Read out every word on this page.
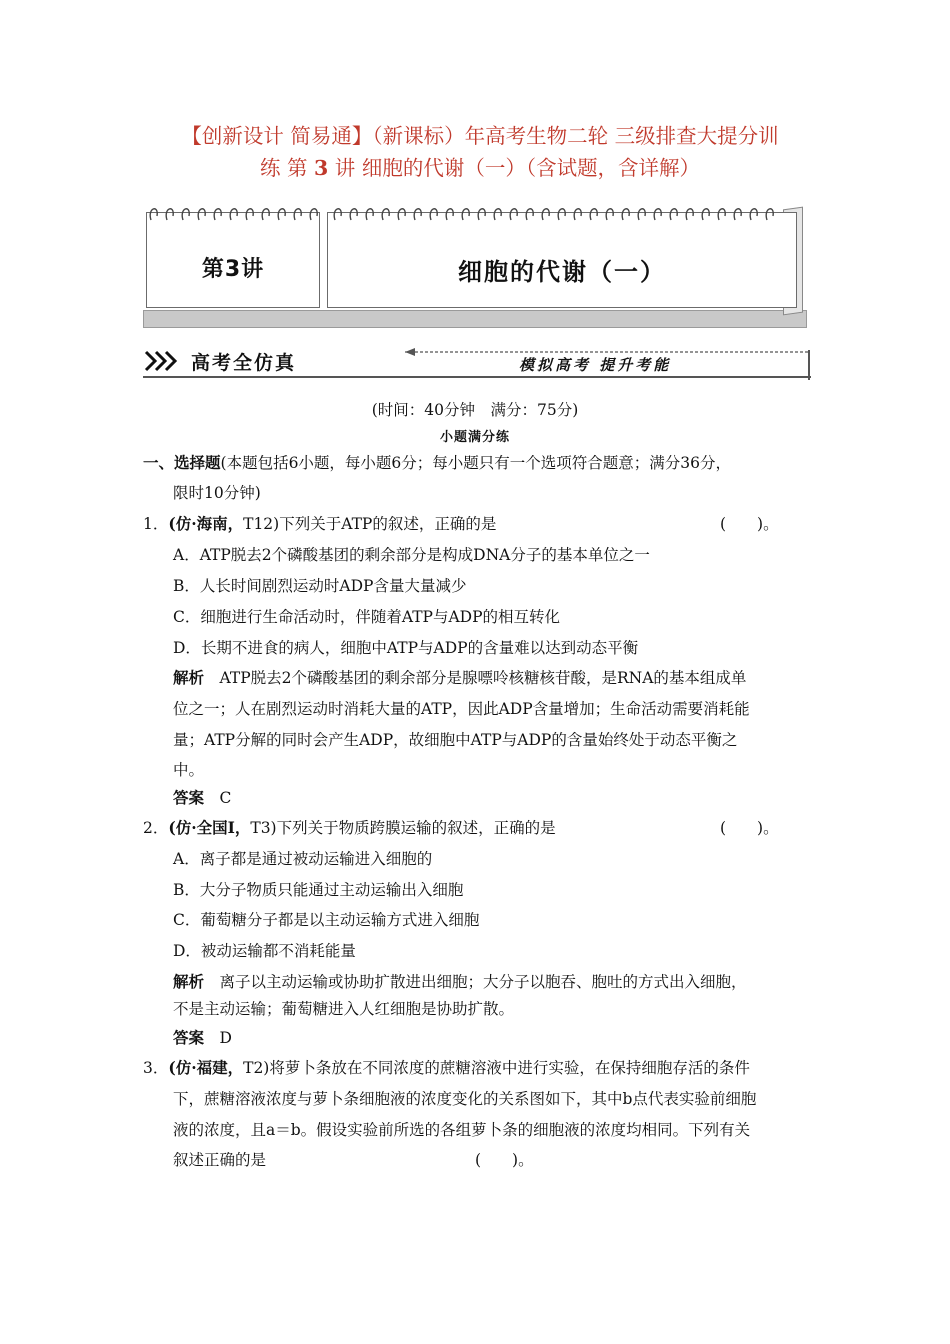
【创新设计 简易通】（新课标）年高考生物二轮 三级排查大提分训
练 第 3 讲 细胞的代谢（一）（含试题，含详解）
第3讲	细胞的代谢（一）
高考全仿真	模拟高考 提升考能
(时间：40分钟　满分：75分)
小题满分练
一、选择题(本题包括6小题，每小题6分；每小题只有一个选项符合题意；满分36分，
限时10分钟)
1．(仿·海南，T12)下列关于ATP的叙述，正确的是	(　　)。
A．ATP脱去2个磷酸基团的剩余部分是构成DNA分子的基本单位之一
B．人长时间剧烈运动时ADP含量大量减少
C．细胞进行生命活动时，伴随着ATP与ADP的相互转化
D．长期不进食的病人，细胞中ATP与ADP的含量难以达到动态平衡
解析　 ATP脱去2个磷酸基团的剩余部分是腺嘌呤核糖核苷酸，是RNA的基本组成单
位之一；人在剧烈运动时消耗大量的ATP，因此ADP含量增加；生命活动需要消耗能
量；ATP分解的同时会产生ADP，故细胞中ATP与ADP的含量始终处于动态平衡之
中。
答案　 C
2．(仿·全国Ⅰ，T3)下列关于物质跨膜运输的叙述，正确的是	(　　)。
A．离子都是通过被动运输进入细胞的
B．大分子物质只能通过主动运输出入细胞
C．葡萄糖分子都是以主动运输方式进入细胞
D．被动运输都不消耗能量
解析　 离子以主动运输或协助扩散进出细胞；大分子以胞吞、胞吐的方式出入细胞，
不是主动运输；葡萄糖进入人红细胞是协助扩散。
答案　 D
3．(仿·福建，T2)将萝卜条放在不同浓度的蔗糖溶液中进行实验，在保持细胞存活的条件
下，蔗糖溶液浓度与萝卜条细胞液的浓度变化的关系图如下，其中b点代表实验前细胞
液的浓度，且a＝b。假设实验前所选的各组萝卜条的细胞液的浓度均相同。下列有关
叙述正确的是	(　　)。
